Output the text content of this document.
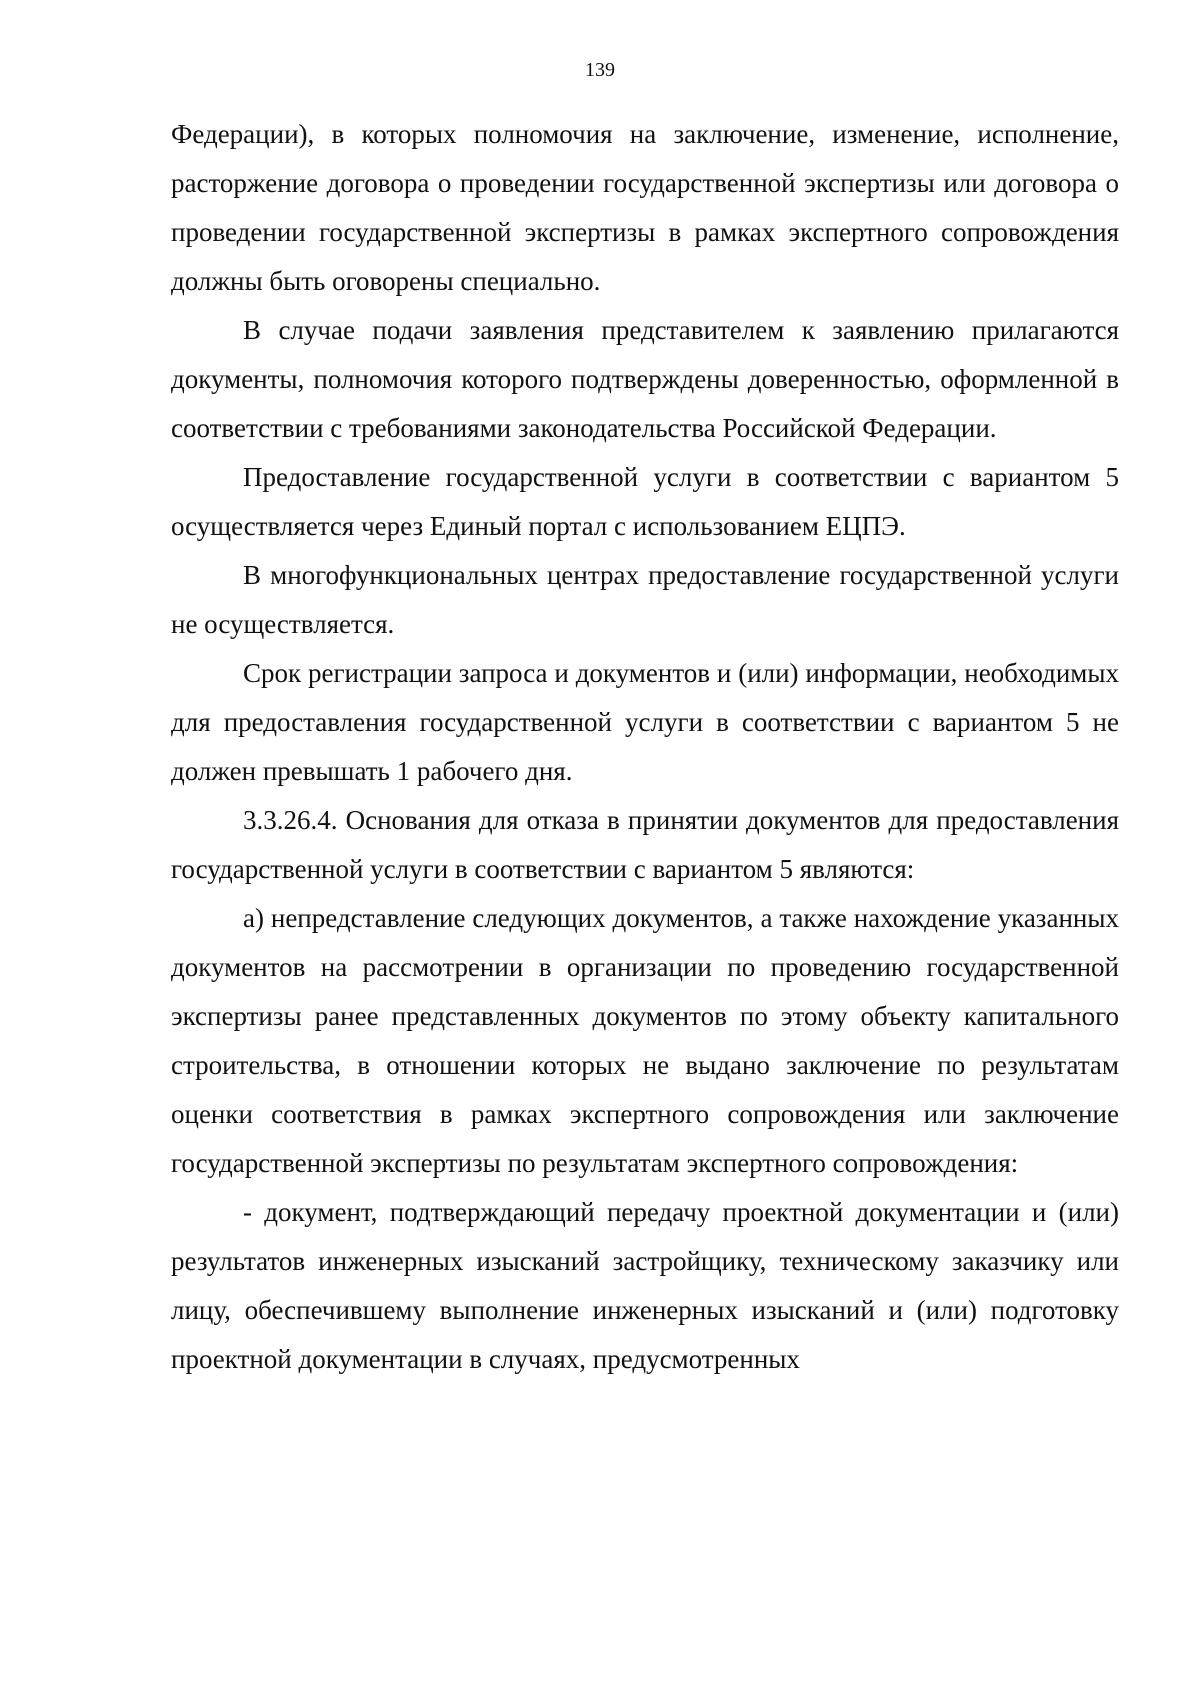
139

Федерации), в которых полномочия на заключение, изменение, исполнение, расторжение договора о проведении государственной экспертизы или договора о проведении государственной экспертизы в рамках экспертного сопровождения должны быть оговорены специально.

В случае подачи заявления представителем к заявлению прилагаются документы, полномочия которого подтверждены доверенностью, оформленной в соответствии с требованиями законодательства Российской Федерации.

Предоставление государственной услуги в соответствии с вариантом 5 осуществляется через Единый портал с использованием ЕЦПЭ.

В многофункциональных центрах предоставление государственной услуги не осуществляется.

Срок регистрации запроса и документов и (или) информации, необходимых для предоставления государственной услуги в соответствии с вариантом 5 не должен превышать 1 рабочего дня.

3.3.26.4. Основания для отказа в принятии документов для предоставления государственной услуги в соответствии с вариантом 5 являются:

а) непредставление следующих документов, а также нахождение указанных документов на рассмотрении в организации по проведению государственной экспертизы ранее представленных документов по этому объекту капитального строительства, в отношении которых не выдано заключение по результатам оценки соответствия в рамках экспертного сопровождения или заключение государственной экспертизы по результатам экспертного сопровождения:

- документ, подтверждающий передачу проектной документации и (или) результатов инженерных изысканий застройщику, техническому заказчику или лицу, обеспечившему выполнение инженерных изысканий и (или) подготовку проектной документации в случаях, предусмотренных
